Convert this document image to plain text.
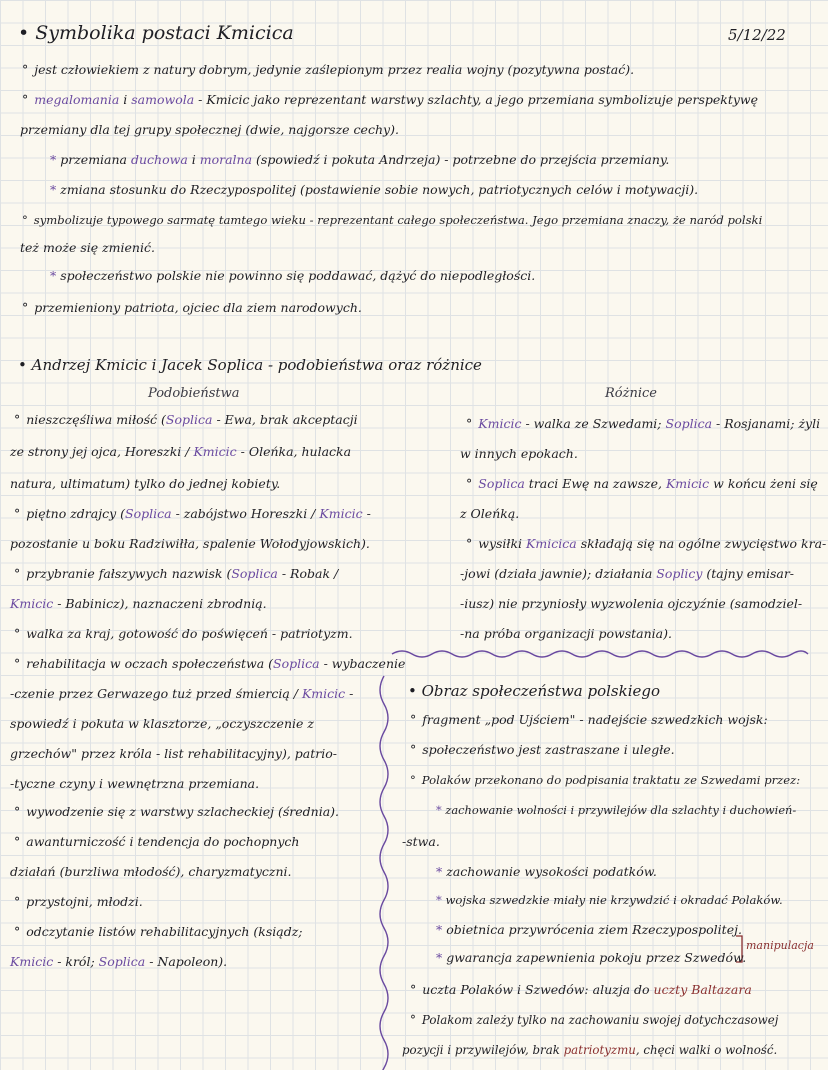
• Symbolika postaci Kmicica	5/12/22
° jest człowiekiem z natury dobrym, jedynie zaślepionym przez realia wojny (pozytywna postać).
° megalomania i samowola - Kmicic jako reprezentant warstwy szlachty, a jego przemiana symbolizuje perspektywę
przemiany dla tej grupy społecznej (dwie, najgorsze cechy).
* przemiana duchowa i moralna (spowiedź i pokuta Andrzeja) - potrzebne do przejścia przemiany.
* zmiana stosunku do Rzeczypospolitej (postawienie sobie nowych, patriotycznych celów i motywacji).
° symbolizuje typowego sarmatę tamtego wieku - reprezentant całego społeczeństwa. Jego przemiana znaczy, że naród polski
też może się zmienić.
* społeczeństwo polskie nie powinno się poddawać, dążyć do niepodległości.
° przemieniony patriota, ojciec dla ziem narodowych.
• Andrzej Kmicic i Jacek Soplica - podobieństwa oraz różnice
Podobieństwa	Różnice
° nieszczęśliwa miłość (Soplica - Ewa, brak akceptacji
ze strony jej ojca, Horeszki / Kmicic - Oleńka, hulacka
natura, ultimatum) tylko do jednej kobiety.
° piętno zdrajcy (Soplica - zabójstwo Horeszki / Kmicic -
pozostanie u boku Radziwiłła, spalenie Wołodyjowskich).
° przybranie fałszywych nazwisk (Soplica - Robak /
Kmicic - Babinicz), naznaczeni zbrodnią.
° walka za kraj, gotowość do poświęceń - patriotyzm.
° rehabilitacja w oczach społeczeństwa (Soplica - wybaczenie
-czenie przez Gerwazego tuż przed śmiercią / Kmicic -
spowiedź i pokuta w klasztorze, „oczyszczenie z
grzechów" przez króla - list rehabilitacyjny), patrio-
-tyczne czyny i wewnętrzna przemiana.
° wywodzenie się z warstwy szlacheckiej (średnia).
° awanturniczość i tendencja do pochopnych
działań (burzliwa młodość), charyzmatyczni.
° przystojni, młodzi.
° odczytanie listów rehabilitacyjnych (ksiądz;
Kmicic - król; Soplica - Napoleon).
° Kmicic - walka ze Szwedami; Soplica - Rosjanami; żyli
w innych epokach.
° Soplica traci Ewę na zawsze, Kmicic w końcu żeni się
z Oleńką.
° wysiłki Kmicica składają się na ogólne zwycięstwo kra-
-jowi (działa jawnie); działania Soplicy (tajny emisar-
-iusz) nie przyniosły wyzwolenia ojczyźnie (samodziel-
-na próba organizacji powstania).
• Obraz społeczeństwa polskiego
° fragment „pod Ujściem" - nadejście szwedzkich wojsk:
° społeczeństwo jest zastraszane i uległe.
° Polaków przekonano do podpisania traktatu ze Szwedami przez:
* zachowanie wolności i przywilejów dla szlachty i duchowień-
-stwa.
* zachowanie wysokości podatków.
* wojska szwedzkie miały nie krzywdzić i okradać Polaków.
* obietnica przywrócenia ziem Rzeczypospolitej.
* gwarancja zapewnienia pokoju przez Szwedów.
manipulacja
° uczta Polaków i Szwedów: aluzja do uczty Baltazara
° Polakom zależy tylko na zachowaniu swojej dotychczasowej
pozycji i przywilejów, brak patriotyzmu, chęci walki o wolność.
